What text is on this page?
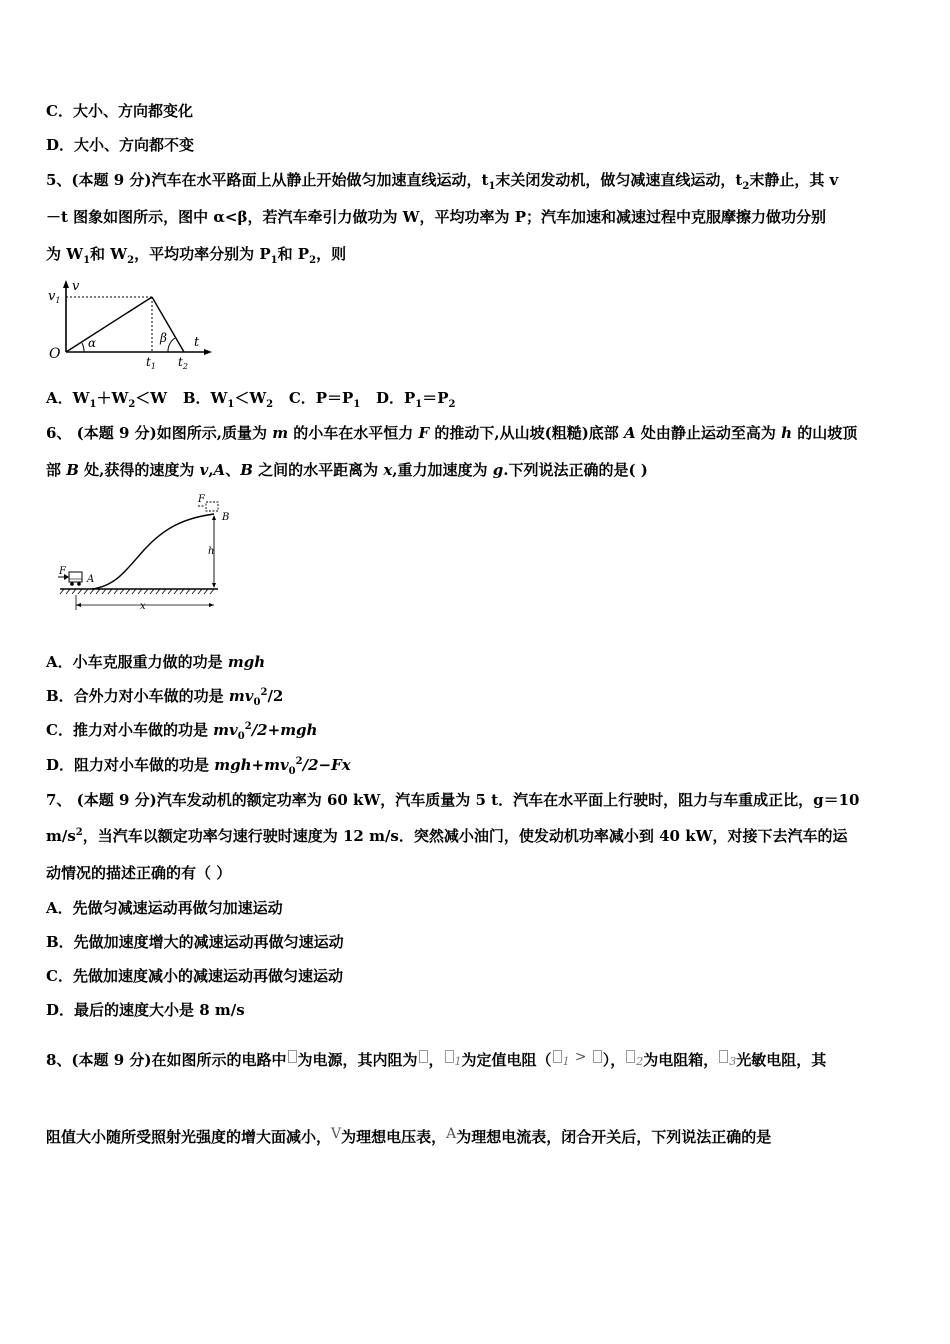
C．大小、方向都变化
D．大小、方向都不变
5、(本题 9 分)汽车在水平路面上从静止开始做匀加速直线运动，$t_1$末关闭发动机，做匀减速直线运动，$t_2$末静止，其 v
－t 图象如图所示，图中 α<β，若汽车牵引力做功为 W，平均功率为 P；汽车加速和减速过程中克服摩擦力做功分别
为 $W_1$和 $W_2$，平均功率分别为 $P_1$和 $P_2$，则
$v_1$
v
O
α	β
$t_1$ $t_2$
t
A．$W_1+W_2<W$ B．$W_1<W_2$ C．$P=P_1$ D．$P_1=P_2$
6、 (本题 9 分)如图所示,质量为 m 的小车在水平恒力 F 的推动下,从山坡(粗糙)底部 A 处由静止运动至高为 h 的山坡顶
部 B 处,获得的速度为 v,A、B 之间的水平距离为 x,重力加速度为 g.下列说法正确的是( )
F
A
F
B
h
x
A．小车克服重力做的功是 mgh
B．合外力对小车做的功是 $mv_0^2/2$
C．推力对小车做的功是 $mv_0^2/2+mgh$
D．阻力对小车做的功是 $mgh+mv_0^2/2-Fx$
7、 (本题 9 分)汽车发动机的额定功率为 60 kW，汽车质量为 5 t．汽车在水平面上行驶时，阻力与车重成正比，g＝10
$m/s^2$，当汽车以额定功率匀速行驶时速度为 12 m/s．突然减小油门，使发动机功率减小到 40 kW，对接下去汽车的运
动情况的描述正确的有（ ）
A．先做匀减速运动再做匀加速运动
B．先做加速度增大的减速运动再做匀速运动
C．先做加速度减小的减速运动再做匀速运动
D．最后的速度大小是 8 m/s
8、(本题 9 分)在如图所示的电路中 为电源，其内阻为 ， 1为定值电阻（ 1 > ）， 2为电阻箱， 3光敏电阻，其
阻值大小随所受照射光强度的增大面减小，V为理想电压表，A为理想电流表，闭合开关后，下列说法正确的是
